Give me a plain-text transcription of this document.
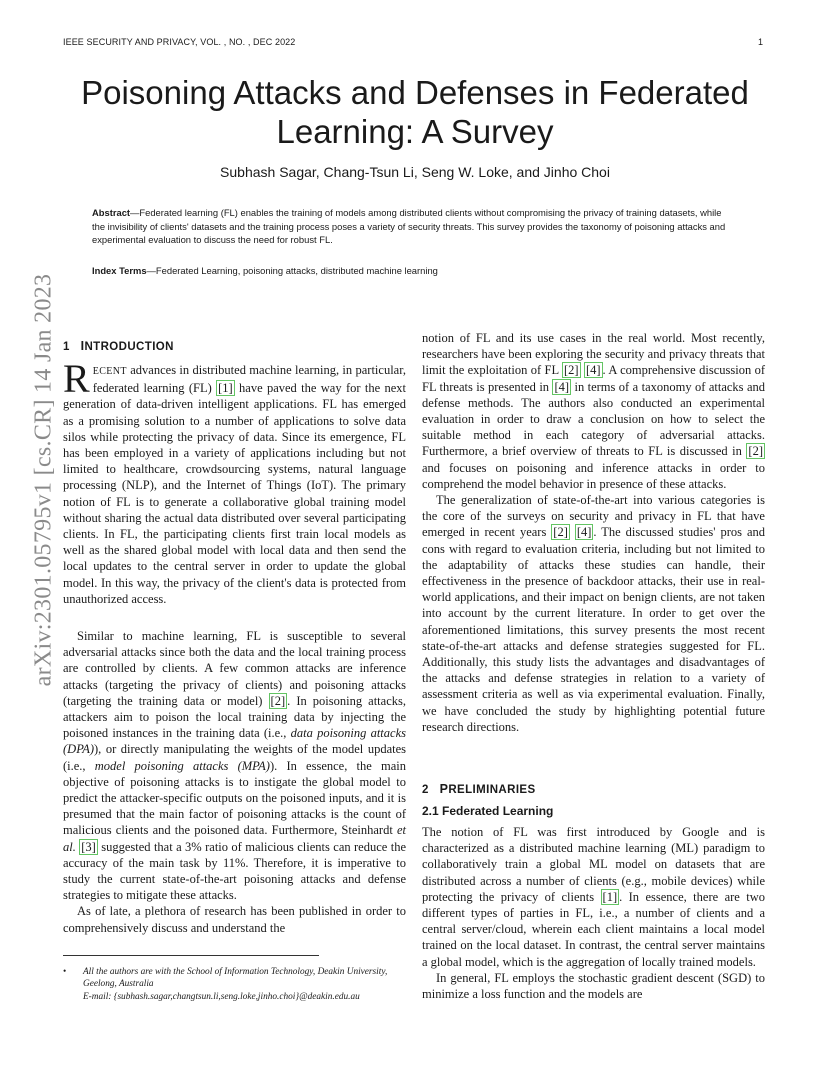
IEEE SECURITY AND PRIVACY, VOL. , NO. , DEC 2022	1
Poisoning Attacks and Defenses in Federated Learning: A Survey
Subhash Sagar, Chang-Tsun Li, Seng W. Loke, and Jinho Choi

Abstract—Federated learning (FL) enables the training of models among distributed clients without compromising the privacy of training datasets, while the invisibility of clients' datasets and the training process poses a variety of security threats. This survey provides the taxonomy of poisoning attacks and experimental evaluation to discuss the need for robust FL.

Index Terms—Federated Learning, poisoning attacks, distributed machine learning

arXiv:2301.05795v1 [cs.CR] 14 Jan 2023 1 INTRODUCTION

RECENT advances in distributed machine learning, in particular, federated learning (FL) [1] have paved the way for the next generation of data-driven intelligent applications. FL has emerged as a promising solution to a number of applications to solve data silos while protecting the privacy of data. Since its emergence, FL has been employed in a variety of applications including but not limited to healthcare, crowdsourcing systems, natural language processing (NLP), and the Internet of Things (IoT). The primary notion of FL is to generate a collaborative global training model without sharing the actual data distributed over several participating clients. In FL, the participating clients first train local models as well as the shared global model with local data and then send the local updates to the central server in order to update the global model. In this way, the privacy of the client's data is protected from unauthorized access.

Similar to machine learning, FL is susceptible to several adversarial attacks since both the data and the local training process are controlled by clients. A few common attacks are inference attacks (targeting the privacy of clients) and poisoning attacks (targeting the training data or model) [2] . In poisoning attacks, attackers aim to poison the local training data by injecting the poisoned instances in the training data (i.e., data poisoning attacks (DPA)), or directly manipulating the weights of the model updates (i.e., model poisoning attacks (MPA)). In essence, the main objective of poisoning attacks is to instigate the global model to predict the attacker-specific outputs on the poisoned inputs, and it is presumed that the main factor of poisoning attacks is the count of malicious clients and the poisoned data. Furthermore, Steinhardt et al. [3] suggested that a 3% ratio of malicious clients can reduce the accuracy of the main task by 11%. Therefore, it is imperative to study the current state-of-the-art poisoning attacks and defense strategies to mitigate these attacks.

As of late, a plethora of research has been published in order to comprehensively discuss and understand the

notion of FL and its use cases in the real world. Most recently, researchers have been exploring the security and privacy threats that limit the exploitation of FL [2] [4] . A comprehensive discussion of FL threats is presented in [4] in terms of a taxonomy of attacks and defense methods. The authors also conducted an experimental evaluation in order to draw a conclusion on how to select the suitable method in each category of adversarial attacks. Furthermore, a brief overview of threats to FL is discussed in [2] and focuses on poisoning and inference attacks in order to comprehend the model behavior in presence of these attacks.

The generalization of state-of-the-art into various categories is the core of the surveys on security and privacy in FL that have emerged in recent years [2] [4] . The discussed studies' pros and cons with regard to evaluation criteria, including but not limited to the adaptability of attacks these studies can handle, their effectiveness in the presence of backdoor attacks, their use in real-world applications, and their impact on benign clients, are not taken into account by the current literature. In order to get over the aforementioned limitations, this survey presents the most recent state-of-the-art attacks and defense strategies suggested for FL. Additionally, this study lists the advantages and disadvantages of the attacks and defense strategies in relation to a variety of assessment criteria as well as via experimental evaluation. Finally, we have concluded the study by highlighting potential future research directions.

2 PRELIMINARIES
2.1 Federated Learning

The notion of FL was first introduced by Google and is characterized as a distributed machine learning (ML) paradigm to collaboratively train a global ML model on datasets that are distributed across a number of clients (e.g., mobile devices) while protecting the privacy of clients [1] . In essence, there are two different types of parties in FL, i.e., a number of clients and a central server/cloud, wherein each client maintains a local model trained on the local dataset. In contrast, the central server maintains a global model, which is the aggregation of locally trained models.

In general, FL employs the stochastic gradient descent (SGD) to minimize a loss function and the models are

• All the authors are with the School of Information Technology, Deakin University, Geelong, Australia
E-mail: {subhash.sagar,changtsun.li,seng.loke,jinho.choi}@deakin.edu.au
